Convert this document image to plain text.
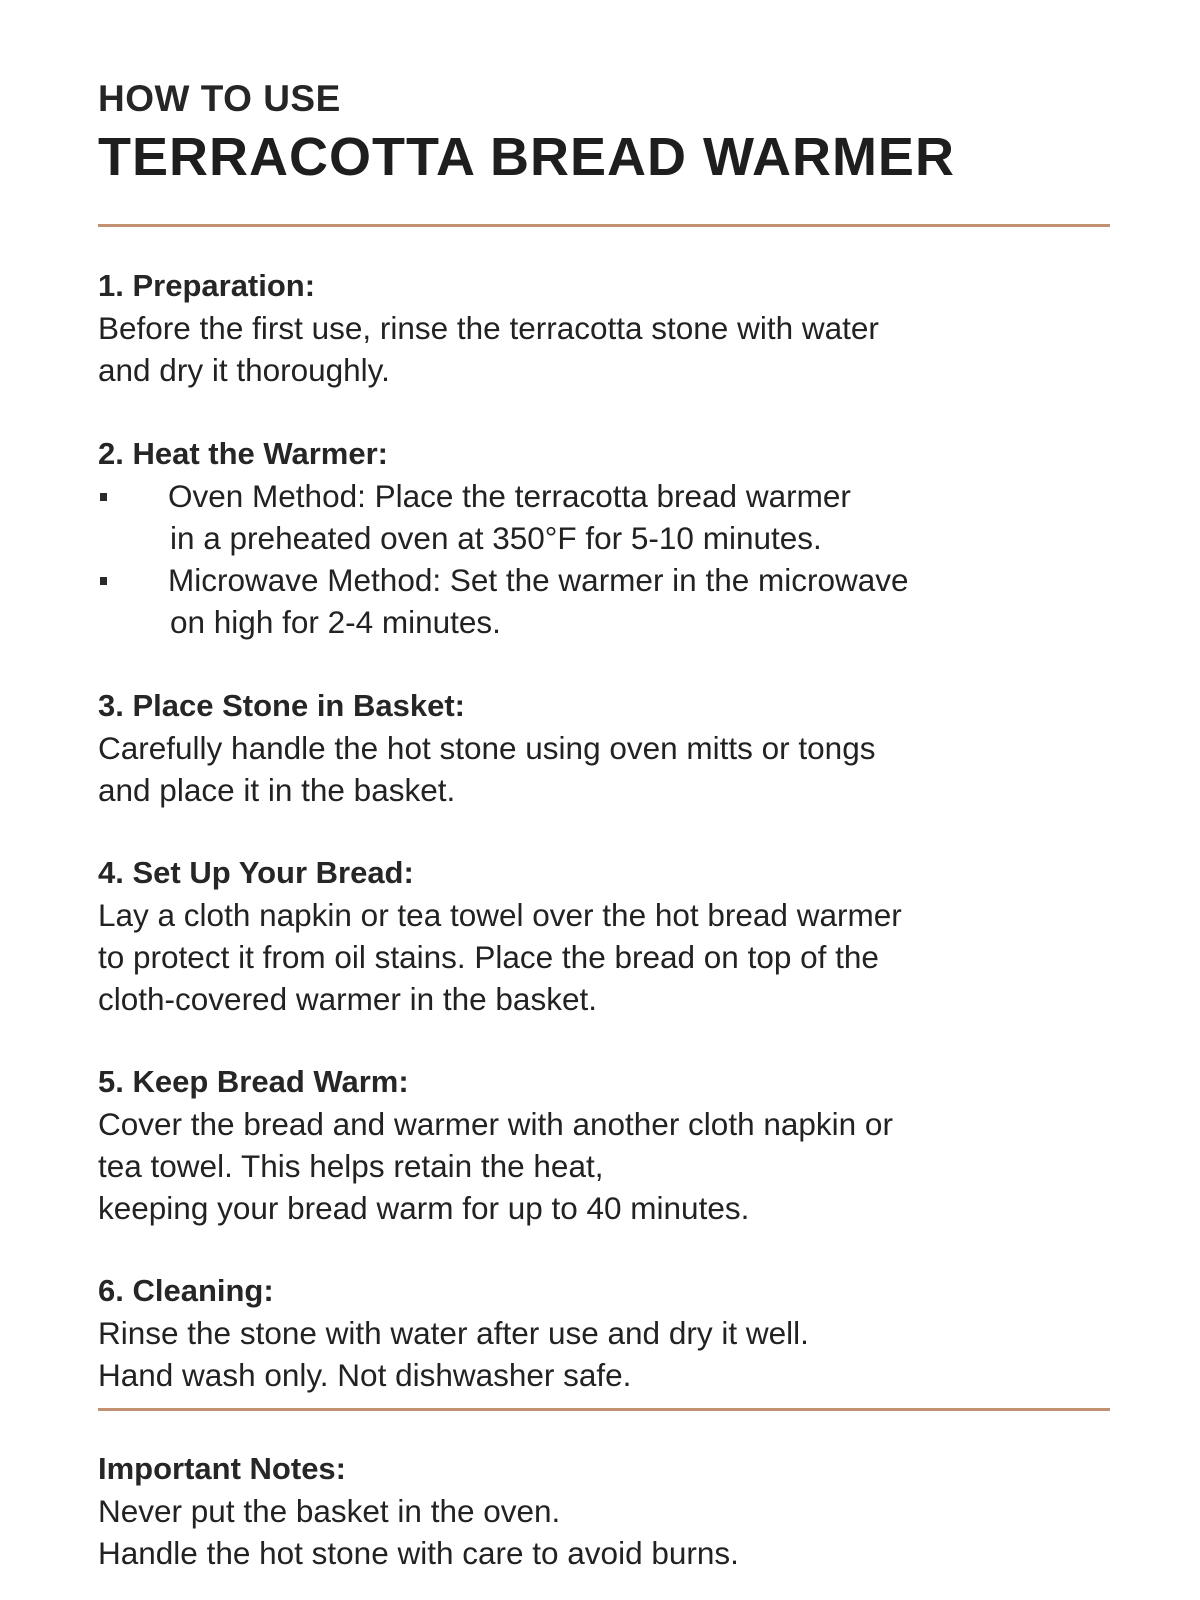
HOW TO USE
TERRACOTTA BREAD WARMER
1. Preparation:
Before the first use, rinse the terracotta stone with water
and dry it thoroughly.
2. Heat the Warmer:
Oven Method: Place the terracotta bread warmer
in a preheated oven at 350°F for 5-10 minutes.
Microwave Method: Set the warmer in the microwave
on high for 2-4 minutes.
3. Place Stone in Basket:
Carefully handle the hot stone using oven mitts or tongs
and place it in the basket.
4. Set Up Your Bread:
Lay a cloth napkin or tea towel over the hot bread warmer
to protect it from oil stains. Place the bread on top of the
cloth-covered warmer in the basket.
5. Keep Bread Warm:
Cover the bread and warmer with another cloth napkin or
tea towel. This helps retain the heat,
keeping your bread warm for up to 40 minutes.
6. Cleaning:
Rinse the stone with water after use and dry it well.
Hand wash only. Not dishwasher safe.
Important Notes:
Never put the basket in the oven.
Handle the hot stone with care to avoid burns.
